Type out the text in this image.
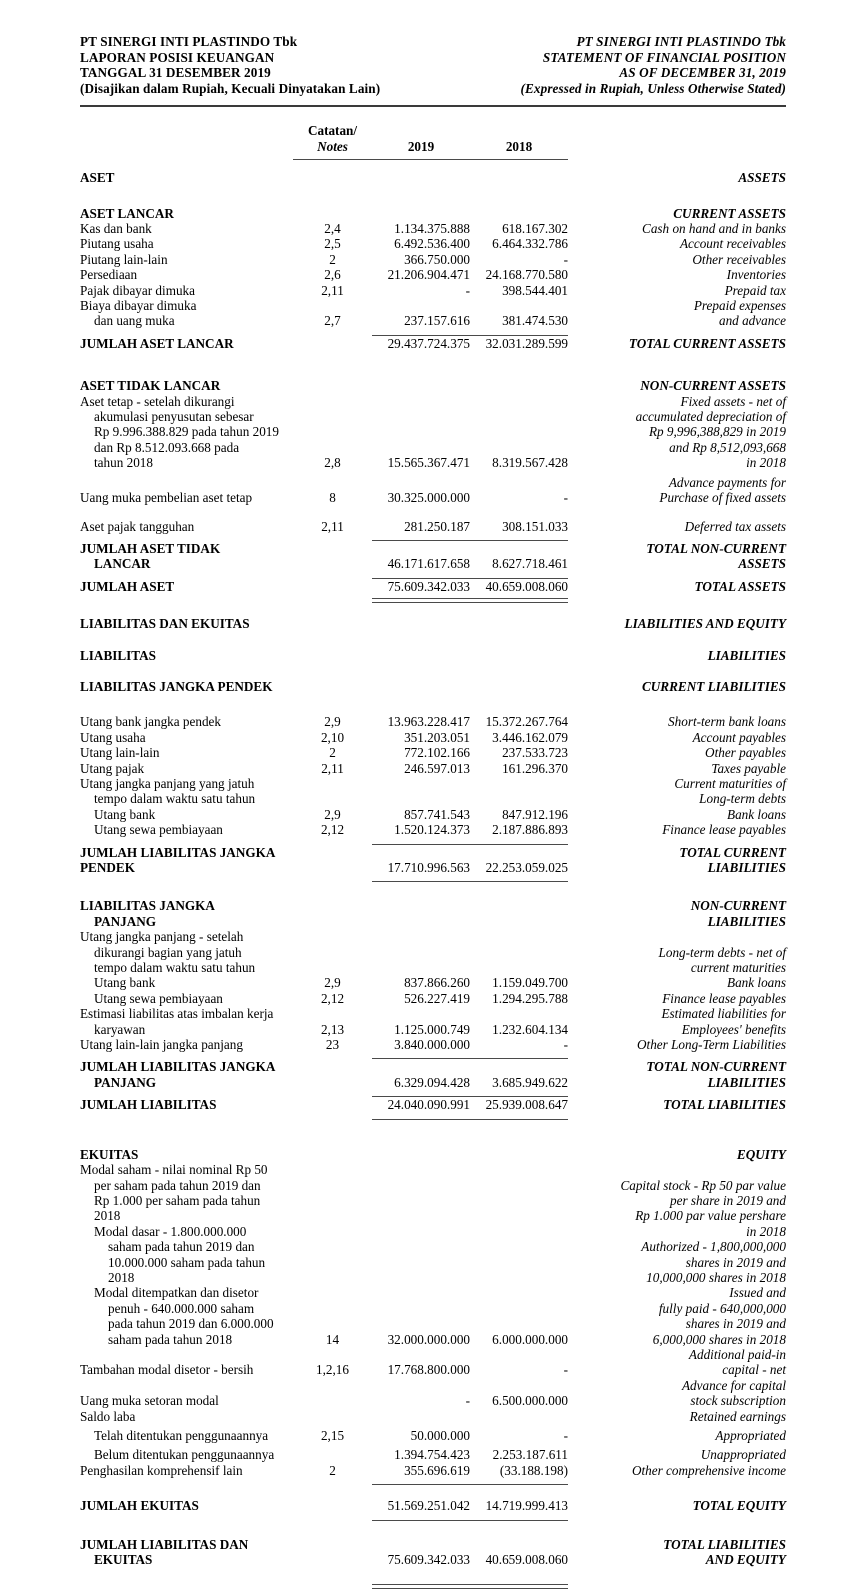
PT SINERGI INTI PLASTINDO Tbk
LAPORAN POSISI KEUANGAN
TANGGAL 31 DESEMBER 2019
(Disajikan dalam Rupiah, Kecuali Dinyatakan Lain)
PT SINERGI INTI PLASTINDO Tbk
STATEMENT OF FINANCIAL POSITION
AS OF DECEMBER 31, 2019
(Expressed in Rupiah, Unless Otherwise Stated)

	Catatan/				
	Notes	2019	2018		

ASET					ASSETS

ASET LANCAR					CURRENT ASSETS
Kas dan bank	2,4	1.134.375.888	618.167.302		Cash on hand and in banks
Piutang usaha	2,5	6.492.536.400	6.464.332.786		Account receivables
Piutang lain-lain	2	366.750.000	-		Other receivables
Persediaan	2,6	21.206.904.471	24.168.770.580		Inventories
Pajak dibayar dimuka	2,11	-	398.544.401		Prepaid tax
Biaya dibayar dimuka					Prepaid expenses
dan uang muka	2,7	237.157.616	381.474.530		and advance

JUMLAH ASET LANCAR		29.437.724.375	32.031.289.599		TOTAL CURRENT ASSETS

ASET TIDAK LANCAR					NON-CURRENT ASSETS
Aset tetap - setelah dikurangi					Fixed assets - net of
akumulasi penyusutan sebesar					accumulated depreciation of
Rp 9.996.388.829 pada tahun 2019					Rp 9,996,388,829 in 2019
dan Rp 8.512.093.668 pada					and Rp 8,512,093,668
tahun 2018	2,8	15.565.367.471	8.319.567.428		in 2018

					Advance payments for
Uang muka pembelian aset tetap	8	30.325.000.000	-		Purchase of fixed assets

Aset pajak tangguhan	2,11	281.250.187	308.151.033		Deferred tax assets

JUMLAH ASET TIDAK					TOTAL NON-CURRENT
LANCAR		46.171.617.658	8.627.718.461		ASSETS

JUMLAH ASET		75.609.342.033	40.659.008.060		TOTAL ASSETS

LIABILITAS DAN EKUITAS					LIABILITIES AND EQUITY

LIABILITAS					LIABILITIES

LIABILITAS JANGKA PENDEK					CURRENT LIABILITIES

Utang bank jangka pendek	2,9	13.963.228.417	15.372.267.764		Short-term bank loans
Utang usaha	2,10	351.203.051	3.446.162.079		Account payables
Utang lain-lain	2	772.102.166	237.533.723		Other payables
Utang pajak	2,11	246.597.013	161.296.370		Taxes payable
Utang jangka panjang yang jatuh					Current maturities of
tempo dalam waktu satu tahun					Long-term debts
Utang bank	2,9	857.741.543	847.912.196		Bank loans
Utang sewa pembiayaan	2,12	1.520.124.373	2.187.886.893		Finance lease payables

JUMLAH LIABILITAS JANGKA					TOTAL CURRENT
PENDEK		17.710.996.563	22.253.059.025		LIABILITIES

LIABILITAS JANGKA					NON-CURRENT
PANJANG					LIABILITIES
Utang jangka panjang - setelah					
dikurangi bagian yang jatuh					Long-term debts - net of
tempo dalam waktu satu tahun					current maturities
Utang bank	2,9	837.866.260	1.159.049.700		Bank loans
Utang sewa pembiayaan	2,12	526.227.419	1.294.295.788		Finance lease payables
Estimasi liabilitas atas imbalan kerja					Estimated liabilities for
karyawan	2,13	1.125.000.749	1.232.604.134		Employees' benefits
Utang lain-lain jangka panjang	23	3.840.000.000	-		Other Long-Term Liabilities

JUMLAH LIABILITAS JANGKA					TOTAL NON-CURRENT
PANJANG		6.329.094.428	3.685.949.622		LIABILITIES

JUMLAH LIABILITAS		24.040.090.991	25.939.008.647		TOTAL LIABILITIES

EKUITAS					EQUITY
Modal saham - nilai nominal Rp 50					
per saham pada tahun 2019 dan					Capital stock - Rp 50 par value
Rp 1.000 per saham pada tahun					per share in 2019 and
2018					Rp 1.000 par value pershare
Modal dasar - 1.800.000.000					in 2018
saham pada tahun 2019 dan					Authorized - 1,800,000,000
10.000.000 saham pada tahun					shares in 2019 and
2018					10,000,000 shares in 2018
Modal ditempatkan dan disetor					Issued and
penuh - 640.000.000 saham					fully paid - 640,000,000
pada tahun 2019 dan 6.000.000					shares in 2019 and
saham pada tahun 2018	14	32.000.000.000	6.000.000.000		6,000,000 shares in 2018
					Additional paid-in
Tambahan modal disetor - bersih	1,2,16	17.768.800.000	-		capital - net
					Advance for capital
Uang muka setoran modal		-	6.500.000.000		stock subscription
Saldo laba					Retained earnings

Telah ditentukan penggunaannya	2,15	50.000.000	-		Appropriated

Belum ditentukan penggunaannya		1.394.754.423	2.253.187.611		Unappropriated
Penghasilan komprehensif lain	2	355.696.619	(33.188.198)		Other comprehensive income

JUMLAH EKUITAS		51.569.251.042	14.719.999.413		TOTAL EQUITY

JUMLAH LIABILITAS DAN					TOTAL LIABILITIES
EKUITAS		75.609.342.033	40.659.008.060		AND EQUITY
